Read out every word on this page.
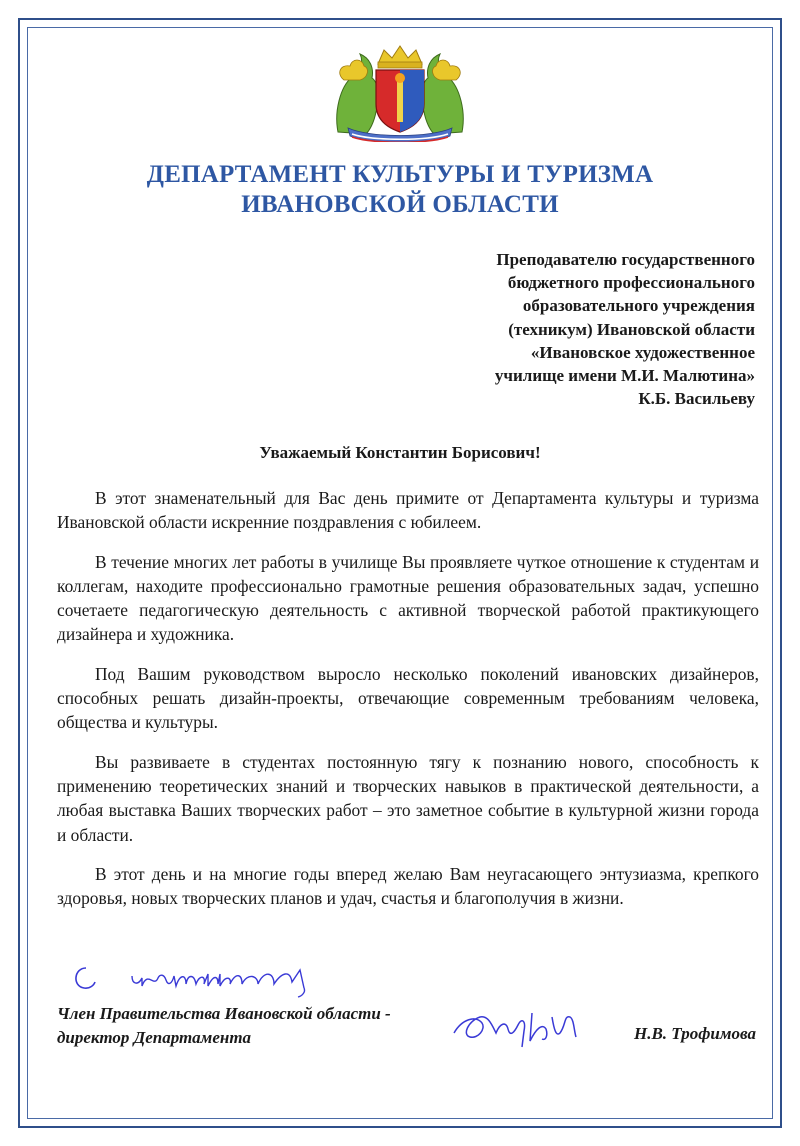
ДЕПАРТАМЕНТ КУЛЬТУРЫ И ТУРИЗМА
ИВАНОВСКОЙ ОБЛАСТИ
Преподавателю государственного
бюджетного профессионального
образовательного учреждения
(техникум) Ивановской области
«Ивановское художественное
училище имени М.И. Малютина»
К.Б. Васильеву
Уважаемый Константин Борисович!

В этот знаменательный для Вас день примите от Департамента культуры и туризма Ивановской области искренние поздравления с юбилеем.

В течение многих лет работы в училище Вы проявляете чуткое отношение к студентам и коллегам, находите профессионально грамотные решения образовательных задач, успешно сочетаете педагогическую деятельность с активной творческой работой практикующего дизайнера и художника.

Под Вашим руководством выросло несколько поколений ивановских дизайнеров, способных решать дизайн-проекты, отвечающие современным требованиям человека, общества и культуры.

Вы развиваете в студентах постоянную тягу к познанию нового, способность к применению теоретических знаний и творческих навыков в практической деятельности, а любая выставка Ваших творческих работ – это заметное событие в культурной жизни города и области.

В этот день и на многие годы вперед желаю Вам неугасающего энтузиазма, крепкого здоровья, новых творческих планов и удач, счастья и благополучия в жизни.

Член Правительства Ивановской области -
директор Департамента	Н.В. Трофимова
